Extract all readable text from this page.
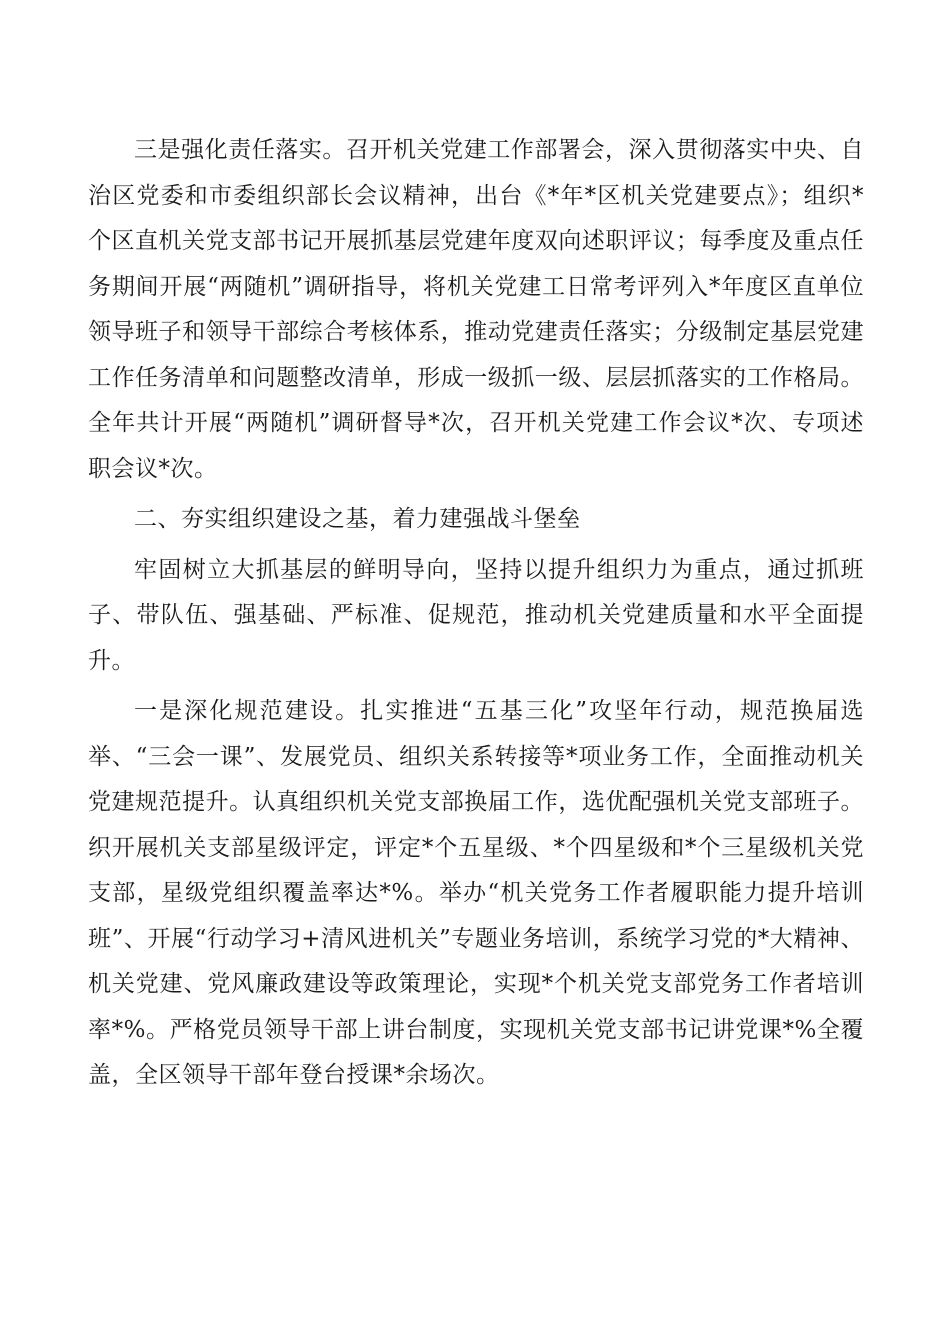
三是强化责任落实。召开机关党建工作部署会，深入贯彻落实中央、自治区党委和市委组织部长会议精神，出台《*年*区机关党建要点》；组织*个区直机关党支部书记开展抓基层党建年度双向述职评议；每季度及重点任务期间开展“两随机”调研指导，将机关党建工日常考评列入*年度区直单位领导班子和领导干部综合考核体系，推动党建责任落实；分级制定基层党建工作任务清单和问题整改清单，形成一级抓一级、层层抓落实的工作格局。全年共计开展“两随机”调研督导*次，召开机关党建工作会议*次、专项述职会议*次。

二、夯实组织建设之基，着力建强战斗堡垒

牢固树立大抓基层的鲜明导向，坚持以提升组织力为重点，通过抓班子、带队伍、强基础、严标准、促规范，推动机关党建质量和水平全面提升。

一是深化规范建设。扎实推进“五基三化”攻坚年行动，规范换届选举、“三会一课”、发展党员、组织关系转接等*项业务工作，全面推动机关党建规范提升。认真组织机关党支部换届工作，选优配强机关党支部班子。织开展机关支部星级评定，评定*个五星级、*个四星级和*个三星级机关党支部，星级党组织覆盖率达*%。举办“机关党务工作者履职能力提升培训班”、开展“行动学习+清风进机关”专题业务培训，系统学习党的*大精神、机关党建、党风廉政建设等政策理论，实现*个机关党支部党务工作者培训率*%。严格党员领导干部上讲台制度，实现机关党支部书记讲党课*%全覆盖，全区领导干部年登台授课*余场次。
